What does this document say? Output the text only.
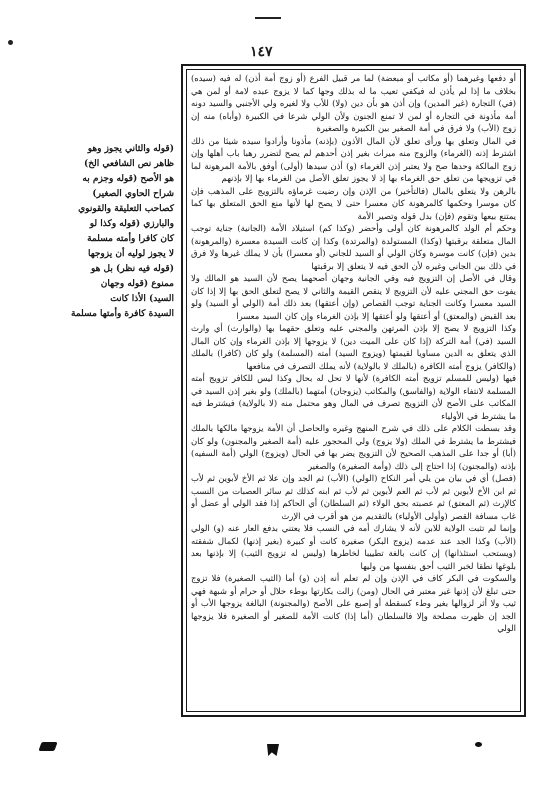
١٤٧

(قوله والثاني يجوز وهو

ظاهر نص الشافعي الخ)

هو الأصح (قوله وجزم به

شراح الحاوي الصغير)

كصاحب التعليقة والقونوي

والبارزي (قوله وكذا لو

كان كافرا وأمته مسلمة

لا يجوز لوليه أن يزوجها

(قوله فيه نظر) بل هو

ممنوع (قوله وجهان

السيد) الأذا كانت

السيدة كافرة وأمتها مسلمة

أو دفعها وغيرهما (أو مكاتب أو مبعضة) لما مر قبيل الفرع (أو زوج أمة أذن) له فيه (سيده) بخلاف ما إذا لم يأذن له فيكفي تعيب ما له بذلك وجها كما لا يزوج عبده لامة أو لمن هي (في) التجارة (غير المدين) وإن أذن هو بأن دين (ولا) للأب ولا لغيره ولي الأجنبي والسيد دونه أمة مأذونة في التجارة أو لمن لا تمنع الجنون ولأن الولي شرعا في الكبيرة (وأباه) منه إن زوج (الأب) ولا فرق في أمة الصغير بين الكبيرة والصغيرة

في المال وتعلق بها ورأى تعلق لأن المال الأذون (بإذنه) مأذونا وأرادوا سيده شيئا من ذلك اشترط إذنه (الغرماء) والزوج منه ميراث بغير إذن أحدهم لم يصح لتضرر رهبا باب أهلها وإن زوج المالكة وحدها صح ولا يعتبر إذن الغرماء (و) أذن سيدها (أولى) أوفق بالأمة المرهونة لما في تزويجها من تعلق حق الغرماء بها إذ لا يجوز تعلق الأصل من الغرماء بها إلا بإذنهم

بالرهن ولا يتعلق بالمال (فالتأخير) من الإذن وإن رضيت غرماؤه بالتزويج على المذهب فإن كان موسرا وحكمها كالمرهونة كان معسرا حتى لا يصح لها لأنها منع الحق المتعلق بها كما يمتنع بيعها وتقوم (فإن) بدل قوله وتصير الأمة

وحكم أم الولد كالمرهونة كان أولى وأحضر (وكذا كم) استيلاد الأمة (الجانية) جناية توجب المال متعلقة برقبتها (وكذا) المستولدة (والمرتدة) وكذا إن كانت السيدة معسرة (والمرهونة) بدين (فإن) كانت موسرة وكان الولي أو السيد للجاني (أو معسرا) بأن لا يملك غيرها ولا فرق في ذلك بين الجاني وغيره لأن الحق فيه لا يتعلق إلا برقبتها

وقال في الأصل إن التزويج فيه وفي الجانية وجهان أصحهما يصح لأن السيد هو المالك ولا يفوت حق المجني عليه لأن التزويج لا ينقص القيمة والثاني لا يصح لتعلق الحق بها إلا إذا كان السيد معسرا وكانت الجناية توجب القصاص (وإن أعتقها) بعد ذلك أمة (الولي أو السيد) ولو بعد القبض (والمعتق) أو أعتقها ولو أعتقها إلا بإذن الغرماء وإن كان السيد معسرا

وكذا التزويج لا يصح إلا بإذن المرتهن والمجني عليه وتعلق حقهما بها (والوارث) أي وارث السيد (في) أمة التركة (إذا كان على الميت دين) لا يزوجها إلا بإذن الغرماء وإن كان المال الذي يتعلق به الدين مساويا لقيمتها (ويزوج السيد) أمته (المسلمة) ولو كان (كافرا) بالملك (والكافر) يزوج أمته الكافرة (بالملك لا بالولاية) لأنه يملك التصرف في منافعها

فيها (وليس للمسلم تزويج أمته الكافرة) لأنها لا تحل له بحال وكذا ليس للكافر تزويج أمته المسلمة لانتفاء الولاية (والفاسق) والمكاتب (يزوجان) أمتهما (بالملك) ولو بغير إذن السيد في المكاتب على الأصح لأن التزويج تصرف في المال وهو محتمل منه (لا بالولاية) فيشترط فيه ما يشترط في الأولياء

وقد بسطت الكلام على ذلك في شرح المنهج وغيره والحاصل أن الأمة يزوجها مالكها بالملك فيشترط ما يشترط في الملك (ولا يزوج) ولي المحجور عليه (أمة الصغير والمجنون) ولو كان (أبا) أو جدا على المذهب الصحيح لأن التزويج يضر بها في الحال (ويزوج) الولي (أمة السفيه) بإذنه (والمجنون) إذا احتاج إلى ذلك (وأمة الصغيرة) والصغير

(فصل) أي في بيان من يلي أمر النكاح (الولي) (الأب) ثم الجد وإن علا ثم الأخ لأبوين ثم لأب ثم ابن الأخ لأبوين ثم لأب ثم العم لأبوين ثم لأب ثم ابنه كذلك ثم سائر العصبات من النسب كالإرث (ثم المعتق) ثم عصبته بحق الولاء (ثم السلطان) أي الحاكم إذا فقد الولي أو عضل أو غاب مسافة القصر (وأولى الأولياء) بالتقديم من هو أقرب في الإرث

وإنما لم تثبت الولاية للابن لأنه لا يشارك أمه في النسب فلا يعتني بدفع العار عنه (و) الولي (الأب) وكذا الجد عند عدمه (يزوج البكر) صغيرة كانت أو كبيرة (بغير إذنها) لكمال شفقته (ويستحب استئذانها) إن كانت بالغة تطييبا لخاطرها (وليس له تزويج الثيب) إلا بإذنها بعد بلوغها نطقا لخبر الثيب أحق بنفسها من وليها

والسكوت في البكر كاف في الإذن وإن لم تعلم أنه إذن (و) أما (الثيب الصغيرة) فلا تزوج حتى تبلغ لأن إذنها غير معتبر في الحال (ومن) زالت بكارتها بوطء حلال أو حرام أو شبهة فهي ثيب ولا أثر لزوالها بغير وطء كسقطة أو إصبع على الأصح (والمجنونة) البالغة يزوجها الأب أو الجد إن ظهرت مصلحة وإلا فالسلطان (أما إذا) كانت الأمة للصغير أو الصغيرة فلا يزوجها الولي
